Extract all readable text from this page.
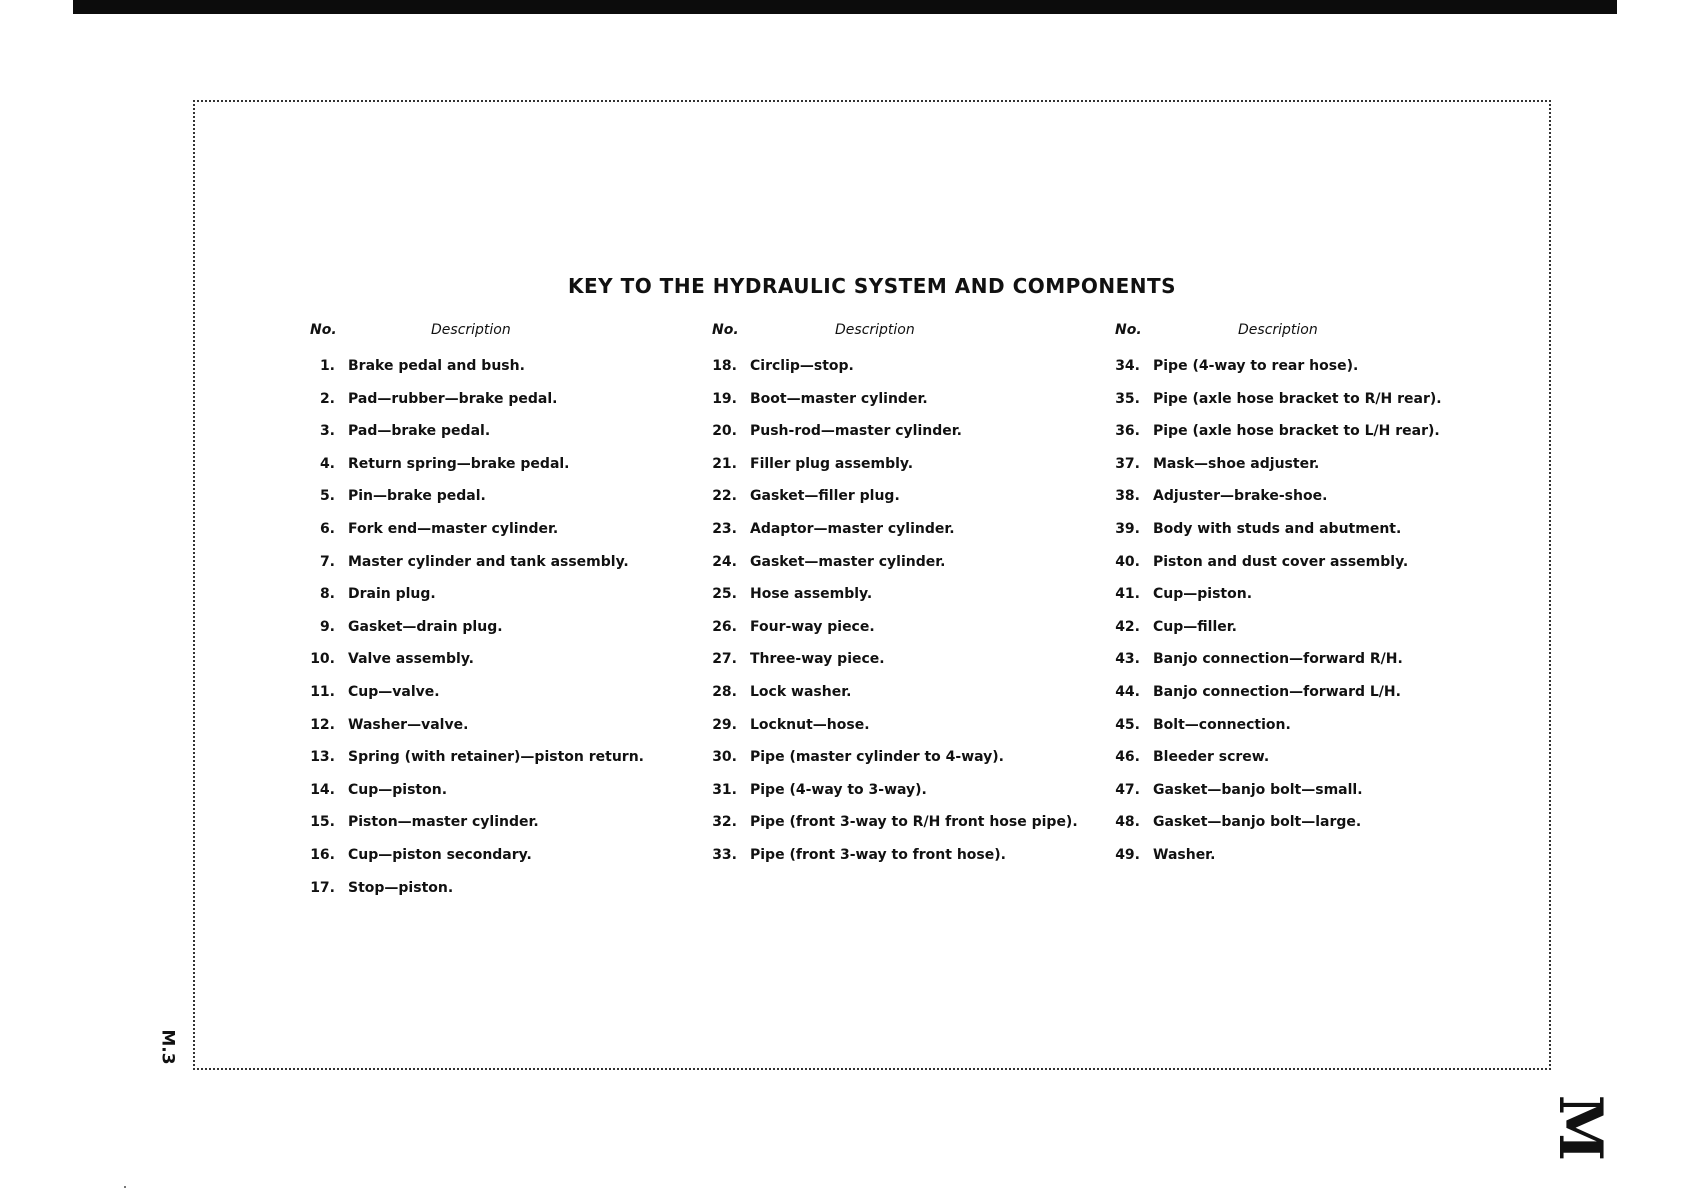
KEY TO THE HYDRAULIC SYSTEM AND COMPONENTS
No.	Description
1. Brake pedal and bush.
2. Pad—rubber—brake pedal.
3. Pad—brake pedal.
4. Return spring—brake pedal.
5. Pin—brake pedal.
6. Fork end—master cylinder.
7. Master cylinder and tank assembly.
8. Drain plug.
9. Gasket—drain plug.
10. Valve assembly.
11. Cup—valve.
12. Washer—valve.
13. Spring (with retainer)—piston return.
14. Cup—piston.
15. Piston—master cylinder.
16. Cup—piston secondary.
17. Stop—piston.
No.	Description
18. Circlip—stop.
19. Boot—master cylinder.
20. Push-rod—master cylinder.
21. Filler plug assembly.
22. Gasket—filler plug.
23. Adaptor—master cylinder.
24. Gasket—master cylinder.
25. Hose assembly.
26. Four-way piece.
27. Three-way piece.
28. Lock washer.
29. Locknut—hose.
30. Pipe (master cylinder to 4-way).
31. Pipe (4-way to 3-way).
32. Pipe (front 3-way to R/H front hose pipe).
33. Pipe (front 3-way to front hose).
No.	Description
34. Pipe (4-way to rear hose).
35. Pipe (axle hose bracket to R/H rear).
36. Pipe (axle hose bracket to L/H rear).
37. Mask—shoe adjuster.
38. Adjuster—brake-shoe.
39. Body with studs and abutment.
40. Piston and dust cover assembly.
41. Cup—piston.
42. Cup—filler.
43. Banjo connection—forward R/H.
44. Banjo connection—forward L/H.
45. Bolt—connection.
46. Bleeder screw.
47. Gasket—banjo bolt—small.
48. Gasket—banjo bolt—large.
49. Washer.
M.3
M
